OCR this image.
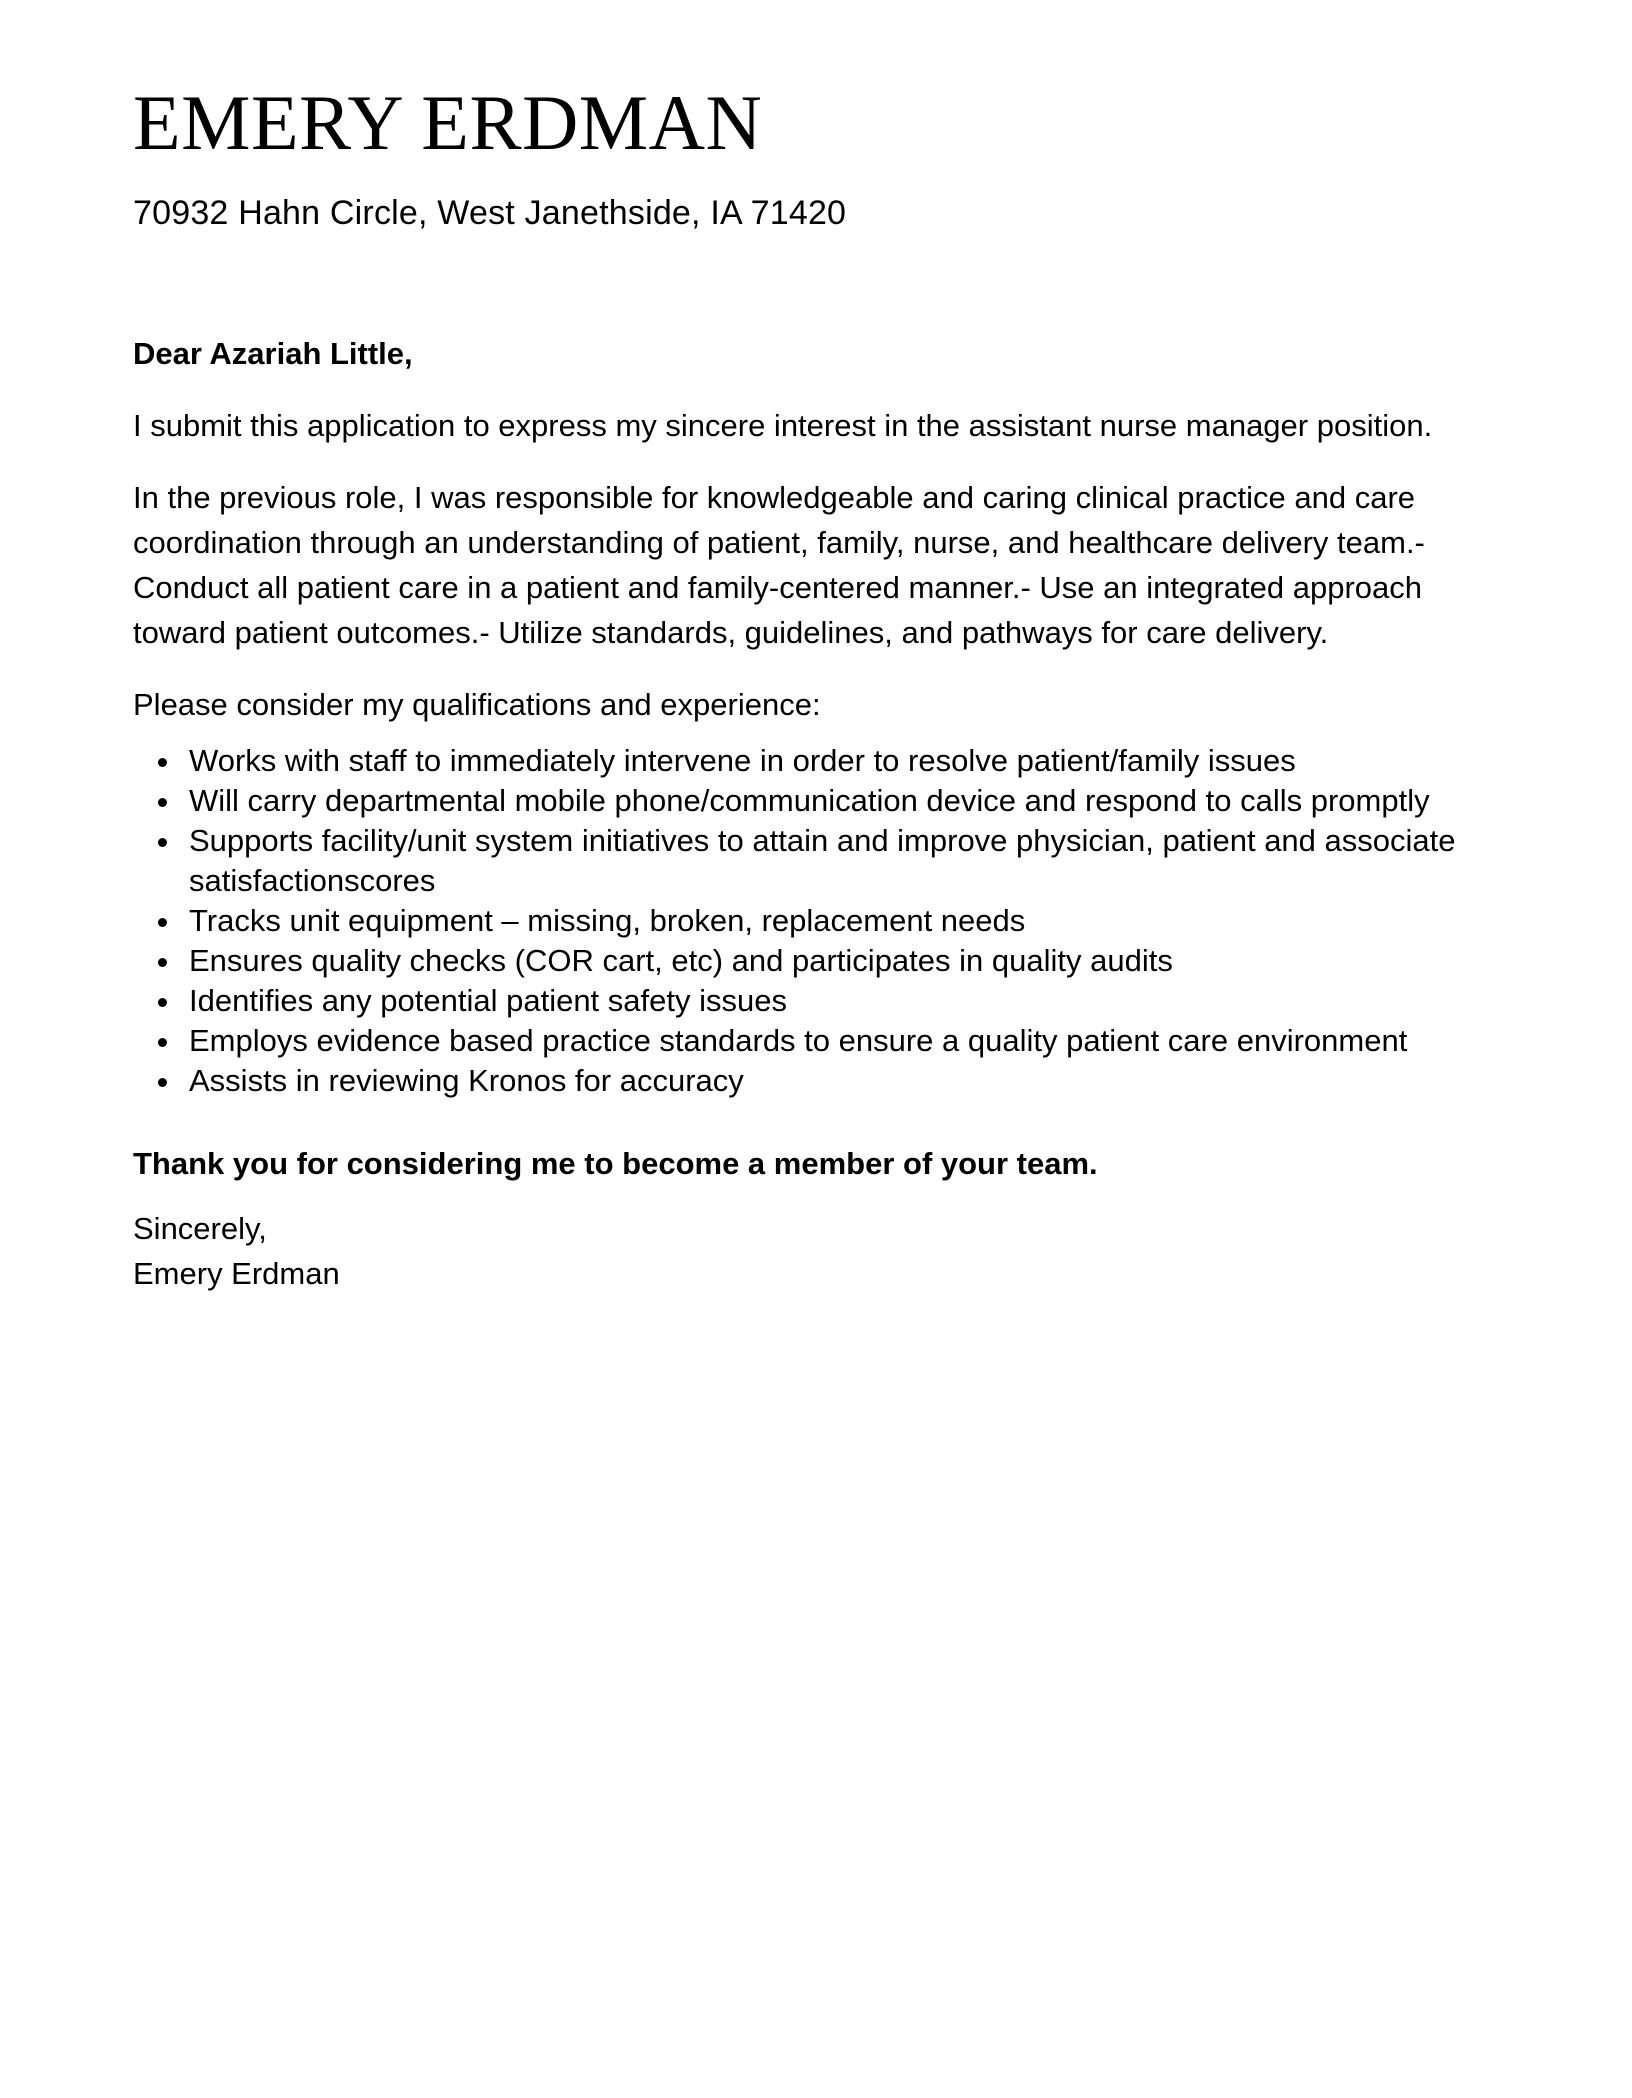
EMERY ERDMAN
70932 Hahn Circle, West Janethside, IA 71420

Dear Azariah Little,

I submit this application to express my sincere interest in the assistant nurse manager position.

In the previous role, I was responsible for knowledgeable and caring clinical practice and care coordination through an understanding of patient, family, nurse, and healthcare delivery team.- Conduct all patient care in a patient and family-centered manner.- Use an integrated approach toward patient outcomes.- Utilize standards, guidelines, and pathways for care delivery.

Please consider my qualifications and experience:

• Works with staff to immediately intervene in order to resolve patient/family issues
• Will carry departmental mobile phone/communication device and respond to calls promptly
• Supports facility/unit system initiatives to attain and improve physician, patient and associate satisfactionscores
• Tracks unit equipment – missing, broken, replacement needs
• Ensures quality checks (COR cart, etc) and participates in quality audits
• Identifies any potential patient safety issues
• Employs evidence based practice standards to ensure a quality patient care environment
• Assists in reviewing Kronos for accuracy

Thank you for considering me to become a member of your team.

Sincerely,
Emery Erdman
